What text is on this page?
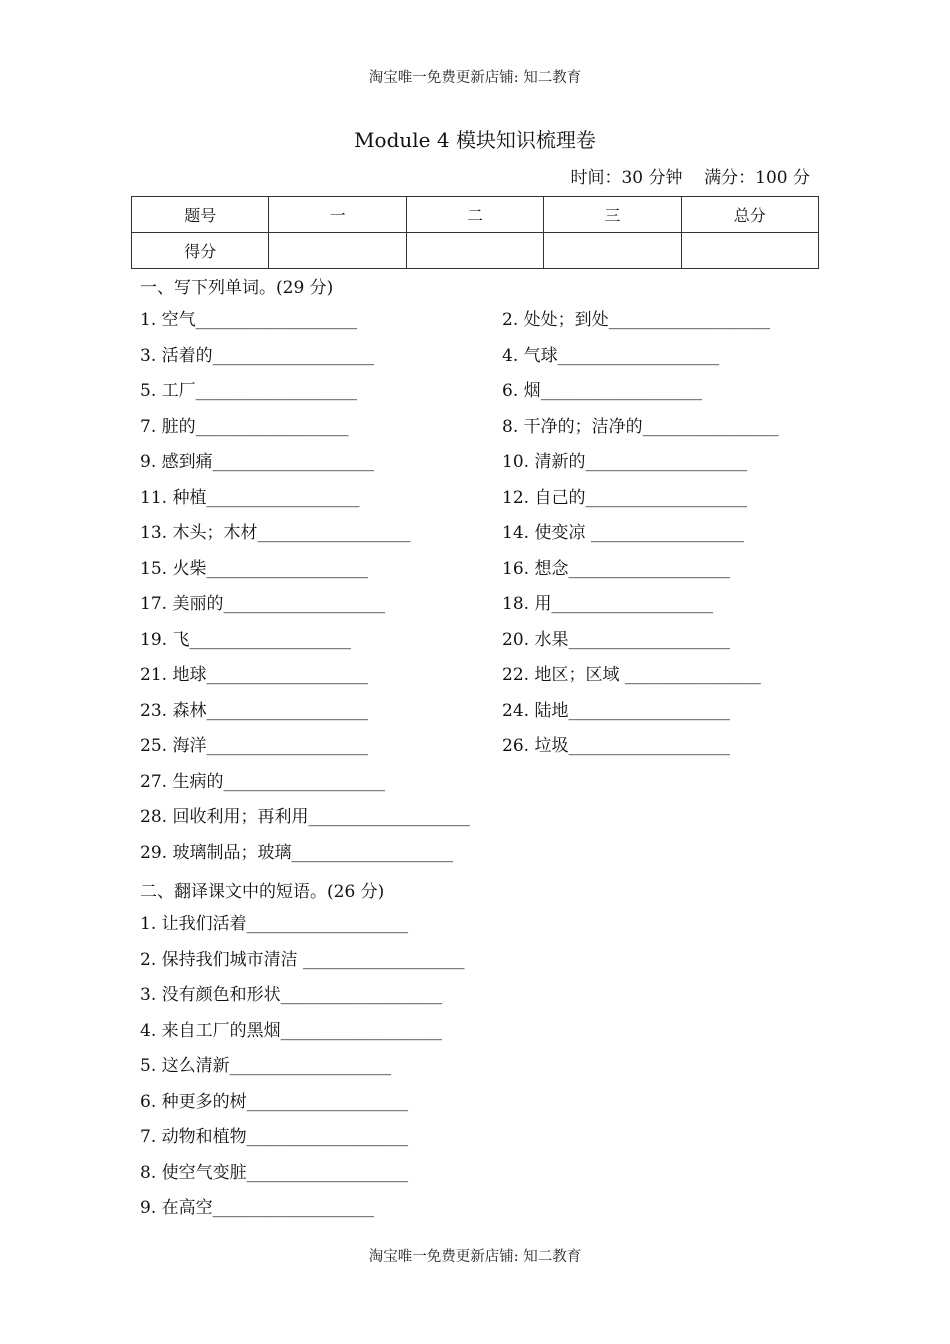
淘宝唯一免费更新店铺: 知二教育
Module 4 模块知识梳理卷
时间：30 分钟    满分：100 分
题号	一	二	三	总分
得分				
一、写下列单词。(29 分)
1. 空气___________________	2. 处处；到处___________________
3. 活着的___________________	4. 气球___________________
5. 工厂___________________	6. 烟___________________
7. 脏的__________________	8. 干净的；洁净的________________
9. 感到痛___________________	10. 清新的___________________
11. 种植__________________	12. 自己的___________________
13. 木头；木材__________________	14. 使变凉 __________________
15. 火柴___________________	16. 想念___________________
17. 美丽的___________________	18. 用___________________
19. 飞___________________	20. 水果___________________
21. 地球___________________	22. 地区；区域 ________________
23. 森林___________________	24. 陆地___________________
25. 海洋___________________	26. 垃圾___________________
27. 生病的___________________
28. 回收利用；再利用___________________
29. 玻璃制品；玻璃___________________
二、翻译课文中的短语。(26 分)
1. 让我们活着___________________
2. 保持我们城市清洁 ___________________
3. 没有颜色和形状___________________
4. 来自工厂的黑烟___________________
5. 这么清新___________________
6. 种更多的树___________________
7. 动物和植物___________________
8. 使空气变脏___________________
9. 在高空___________________
淘宝唯一免费更新店铺: 知二教育
